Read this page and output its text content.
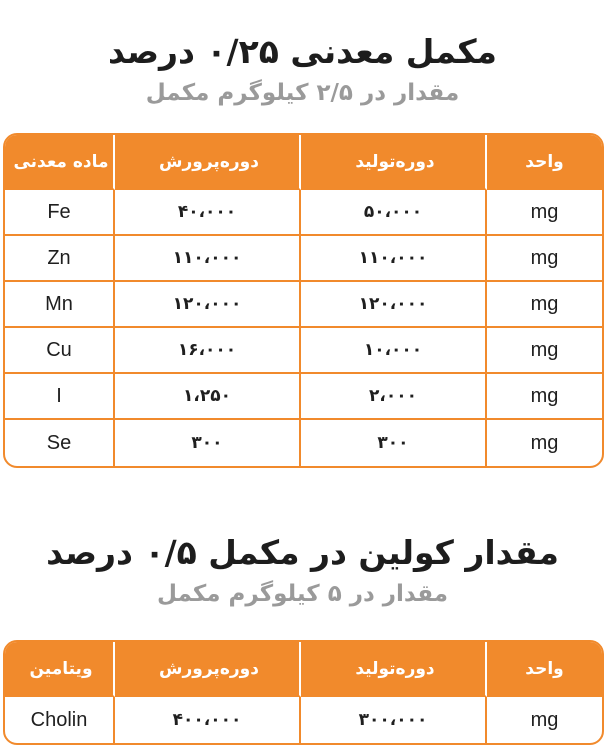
مکمل معدنی ۰/۲۵ درصد
مقدار در ۲/۵ کیلوگرم مکمل
ماده معدنی	دوره‌پرورش	دوره‌تولید	واحد
Fe	۴۰،۰۰۰	۵۰،۰۰۰	mg
Zn	۱۱۰،۰۰۰	۱۱۰،۰۰۰	mg
Mn	۱۲۰،۰۰۰	۱۲۰،۰۰۰	mg
Cu	۱۶،۰۰۰	۱۰،۰۰۰	mg
I	۱،۲۵۰	۲،۰۰۰	mg
Se	۳۰۰	۳۰۰	mg
مقدار کولین در مکمل ۰/۵ درصد
مقدار در ۵ کیلوگرم مکمل
ویتامین	دوره‌پرورش	دوره‌تولید	واحد
Cholin	۴۰۰،۰۰۰	۳۰۰،۰۰۰	mg
